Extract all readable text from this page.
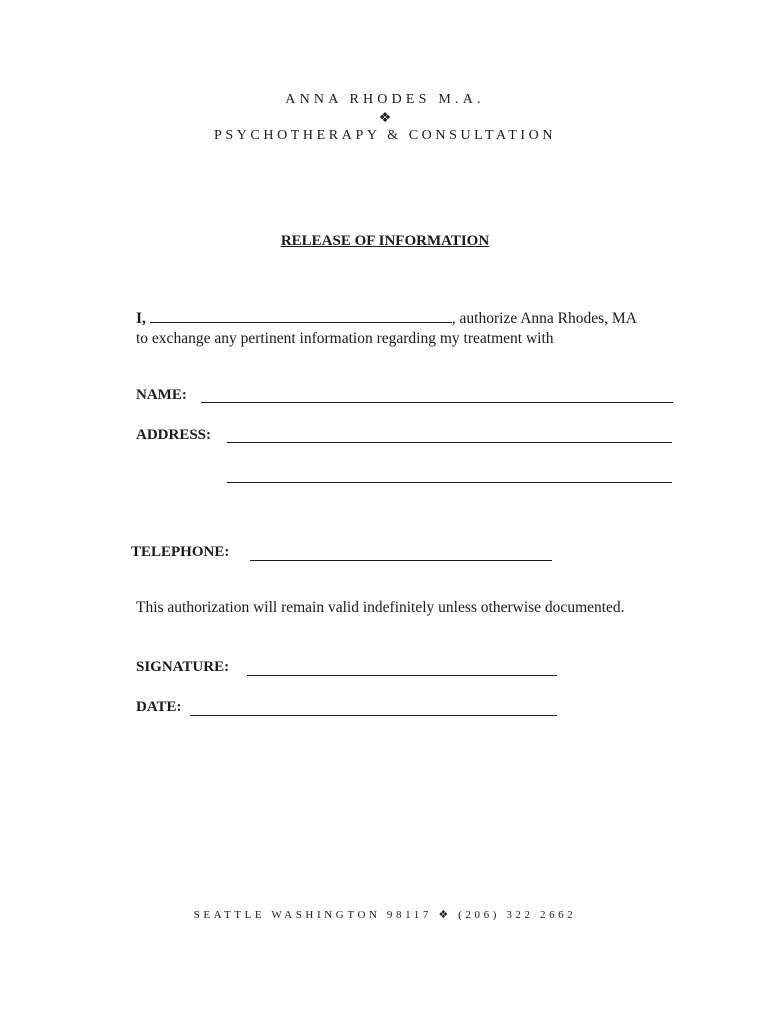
ANNA RHODES M.A.
❖
PSYCHOTHERAPY & CONSULTATION
RELEASE OF INFORMATION
I,	, authorize Anna Rhodes, MA
to exchange any pertinent information regarding my treatment with
NAME:
ADDRESS:
TELEPHONE:
This authorization will remain valid indefinitely unless otherwise documented.
SIGNATURE:
DATE:
SEATTLE WASHINGTON 98117 ❖ (206) 322 2662
